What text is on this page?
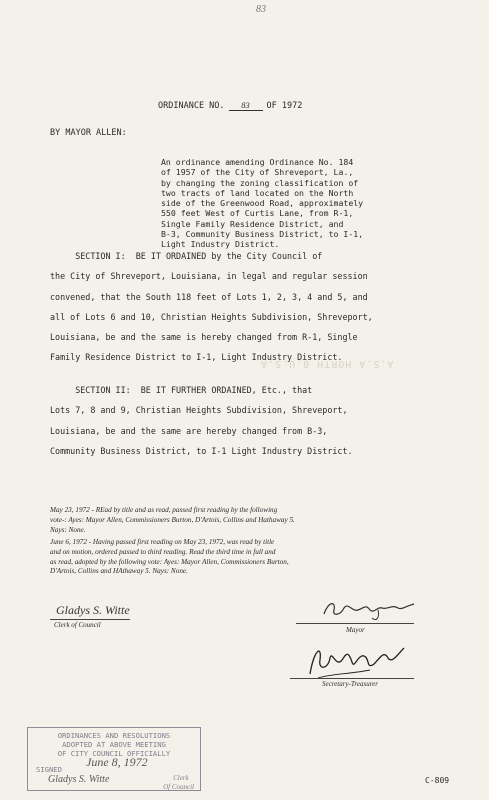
83
ORDINANCE NO. 83 OF 1972
BY MAYOR ALLEN:
An ordinance amending Ordinance No. 184
of 1957 of the City of Shreveport, La.,
by changing the zoning classification of
two tracts of land located on the North
side of the Greenwood Road, approximately
550 feet West of Curtis Lane, from R-1,
Single Family Residence District, and
B-3, Community Business District, to I-1,
Light Industry District.
SECTION I:  BE IT ORDAINED by the City Council of
the City of Shreveport, Louisiana, in legal and regular session
convened, that the South 118 feet of Lots 1, 2, 3, 4 and 5, and
all of Lots 6 and 10, Christian Heights Subdivision, Shreveport,
Louisiana, be and the same is hereby changed from R-1, Single
Family Residence District to I-1, Light Industry District.
A.S.A HORTH 0.U.S.A
SECTION II:  BE IT FURTHER ORDAINED, Etc., that
Lots 7, 8 and 9, Christian Heights Subdivision, Shreveport,
Louisiana, be and the same are hereby changed from B-3,
Community Business District, to I-1 Light Industry District.
May 23, 1972 - REad by title and as read, passed first reading by the following
vote-: Ayes: Mayor Allen, Commissioners Burton, D'Artois, Collins and Hathaway 5.
Nays: None.
June 6, 1972 - Having passed first reading on May 23, 1972, was read by title
and on motion, ordered passed to third reading. Read the third time in full and
as read, adopted by the following vote: Ayes: Mayor Allen, Commissioners Burton,
D'Artois, Collins and HAthaway 5. Nays: None.
Gladys S. Witte
Clerk of Council
Mayor
Secretary-Treasurer
ORDINANCES AND RESOLUTIONS
ADOPTED AT ABOVE MEETING
OF CITY COUNCIL OFFICIALLY
SIGNED
June 8, 1972
Gladys S. Witte	Clerk
Of Council
C-809
